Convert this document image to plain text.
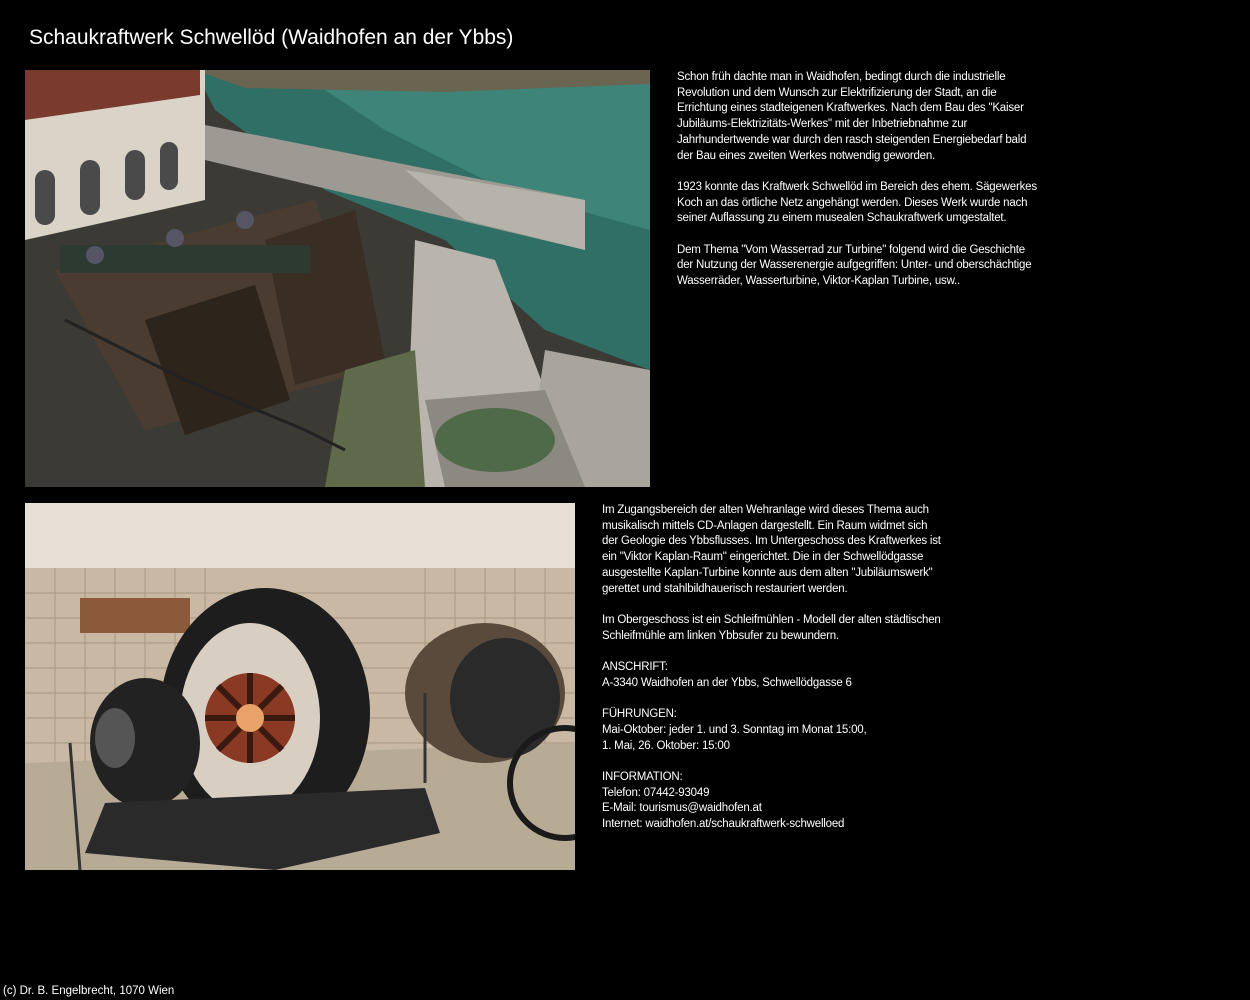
Schaukraftwerk Schwellöd (Waidhofen an der Ybbs)

Schon früh dachte man in Waidhofen, bedingt durch die industrielle
Revolution und dem Wunsch zur Elektrifizierung der Stadt, an die
Errichtung eines stadteigenen Kraftwerkes. Nach dem Bau des "Kaiser
Jubiläums-Elektrizitäts-Werkes" mit der Inbetriebnahme zur
Jahrhundertwende war durch den rasch steigenden Energiebedarf bald
der Bau eines zweiten Werkes notwendig geworden.

1923 konnte das Kraftwerk Schwellöd im Bereich des ehem. Sägewerkes
Koch an das örtliche Netz angehängt werden. Dieses Werk wurde nach
seiner Auflassung zu einem musealen Schaukraftwerk umgestaltet.

Dem Thema "Vom Wasserrad zur Turbine" folgend wird die Geschichte
der Nutzung der Wasserenergie aufgegriffen: Unter- und oberschächtige
Wasserräder, Wasserturbine, Viktor-Kaplan Turbine, usw..

Im Zugangsbereich der alten Wehranlage wird dieses Thema auch
musikalisch mittels CD-Anlagen dargestellt. Ein Raum widmet sich
der Geologie des Ybbsflusses. Im Untergeschoss des Kraftwerkes ist
ein "Viktor Kaplan-Raum" eingerichtet. Die in der Schwellödgasse
ausgestellte Kaplan-Turbine konnte aus dem alten "Jubiläumswerk"
gerettet und stahlbildhauerisch restauriert werden.

Im Obergeschoss ist ein Schleifmühlen - Modell der alten städtischen
Schleifmühle am linken Ybbsufer zu bewundern.

ANSCHRIFT:
A-3340 Waidhofen an der Ybbs, Schwellödgasse 6

FÜHRUNGEN:
Mai-Oktober: jeder 1. und 3. Sonntag im Monat 15:00,
1. Mai, 26. Oktober: 15:00

INFORMATION:
Telefon: 07442-93049
E-Mail: tourismus@waidhofen.at
Internet: waidhofen.at/schaukraftwerk-schwelloed

(c) Dr. B. Engelbrecht, 1070 Wien
